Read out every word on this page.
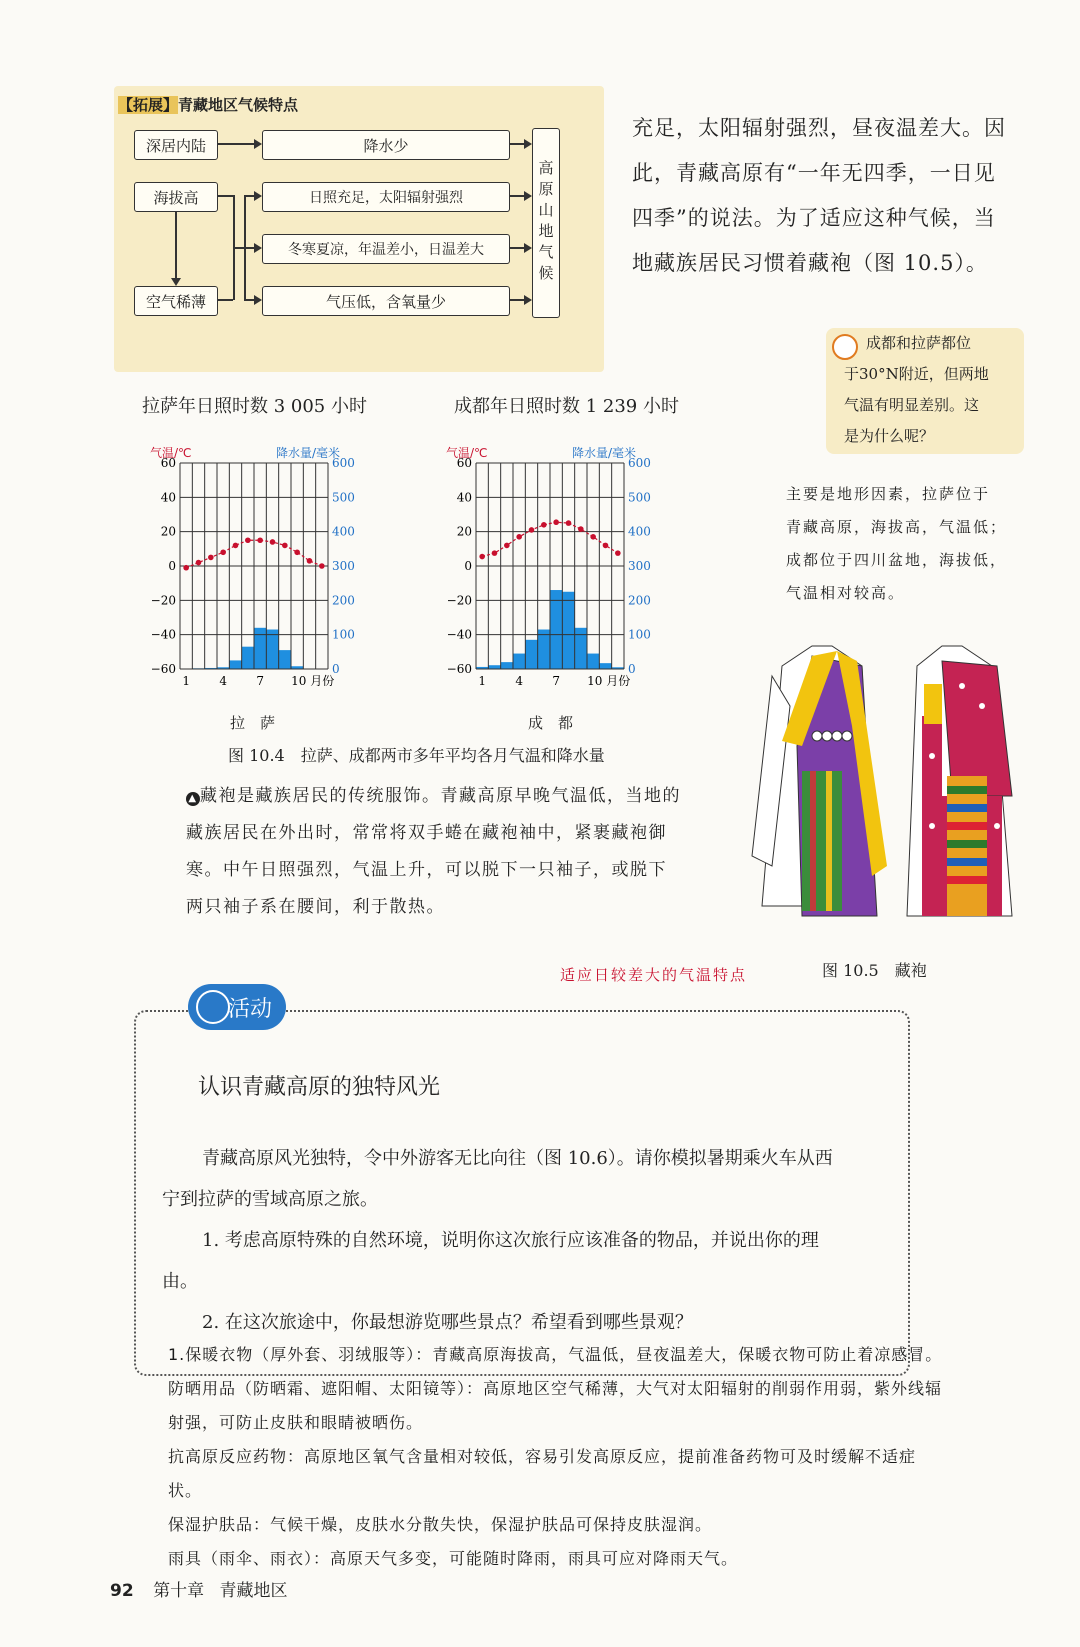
【拓展】青藏地区气候特点
深居内陆
海拔高
空气稀薄
降水少
日照充足，太阳辐射强烈
冬寒夏凉，年温差小，日温差大
气压低，含氧量少
高原山地气候
充足，太阳辐射强烈，昼夜温差大。因
此，青藏高原有“一年无四季，一日见
四季”的说法。为了适应这种气候，当
地藏族居民习惯着藏袍（图 10.5）。
成都和拉萨都位
于30°N附近，但两地
气温有明显差别。这
是为什么呢？
主要是地形因素，拉萨位于
青藏高原，海拔高，气温低；
成都位于四川盆地，海拔低，
气温相对较高。
拉萨年日照时数 3 005 小时	成都年日照时数 1 239 小时
气温/℃	降水量/毫米
60
40
20
0
−20
−40
−60
600
500
400
300
200
100
0
1 4 7 10 月份
气温/℃	降水量/毫米
60
40
20
0
−20
−40
−60
600
500
400
300
200
100
0
1 4 7 10 月份
拉　萨	成　都
图 10.4　拉萨、成都两市多年平均各月气温和降水量
▲ 藏袍是藏族居民的传统服饰。青藏高原早晚气温低，当地的
藏族居民在外出时，常常将双手蜷在藏袍袖中，紧裹藏袍御
寒。中午日照强烈，气温上升，可以脱下一只袖子，或脱下
两只袖子系在腰间，利于散热。
适应日较差大的气温特点	图 10.5　藏袍
活动
认识青藏高原的独特风光
青藏高原风光独特，令中外游客无比向往（图 10.6）。请你模拟暑期乘火车从西
宁到拉萨的雪域高原之旅。
1. 考虑高原特殊的自然环境，说明你这次旅行应该准备的物品，并说出你的理
由。
2. 在这次旅途中，你最想游览哪些景点？希望看到哪些景观？
1.保暖衣物（厚外套、羽绒服等）：青藏高原海拔高，气温低，昼夜温差大，保暖衣物可防止着凉感冒。
防晒用品（防晒霜、遮阳帽、太阳镜等）：高原地区空气稀薄，大气对太阳辐射的削弱作用弱，紫外线辐
射强，可防止皮肤和眼睛被晒伤。
抗高原反应药物：高原地区氧气含量相对较低，容易引发高原反应，提前准备药物可及时缓解不适症
状。
保湿护肤品：气候干燥，皮肤水分散失快，保湿护肤品可保持皮肤湿润。
雨具（雨伞、雨衣）：高原天气多变，可能随时降雨，雨具可应对降雨天气。
92 第十章 青藏地区
